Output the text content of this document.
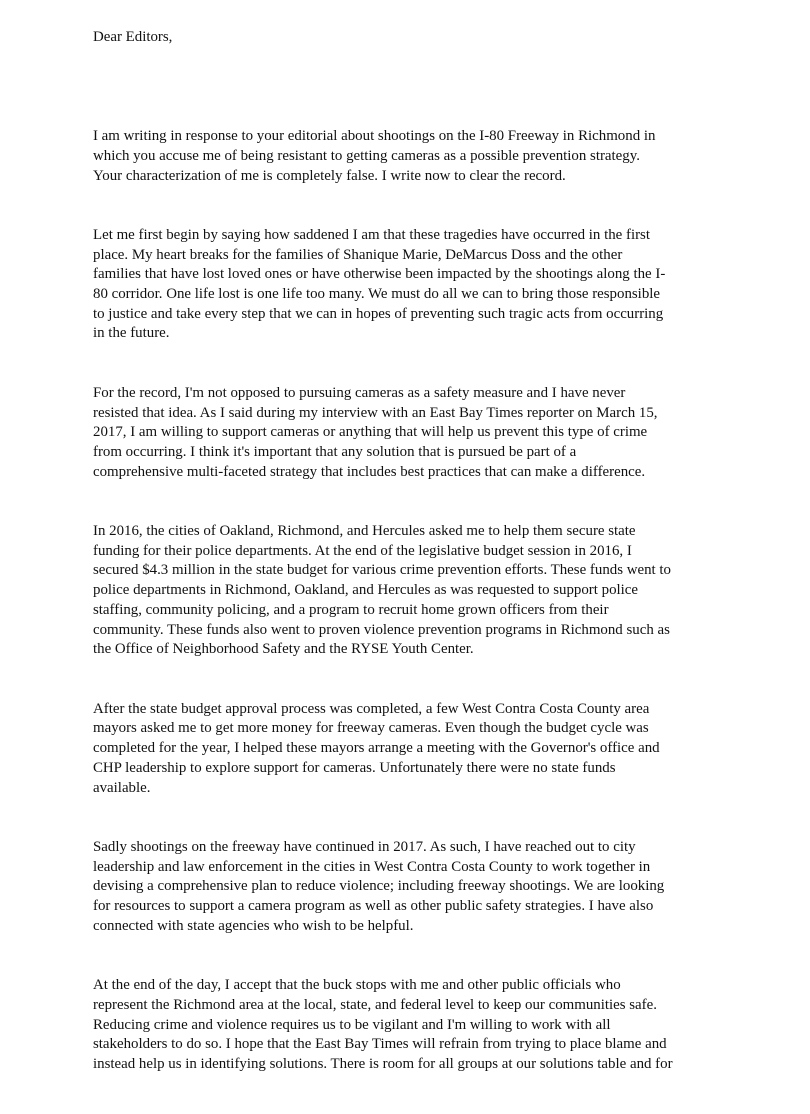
Dear Editors,

I am writing in response to your editorial about shootings on the I-80 Freeway in Richmond in
which you accuse me of being resistant to getting cameras as a possible prevention strategy.
Your characterization of me is completely false. I write now to clear the record.

Let me first begin by saying how saddened I am that these tragedies have occurred in the first
place. My heart breaks for the families of Shanique Marie, DeMarcus Doss and the other
families that have lost loved ones or have otherwise been impacted by the shootings along the I-
80 corridor. One life lost is one life too many. We must do all we can to bring those responsible
to justice and take every step that we can in hopes of preventing such tragic acts from occurring
in the future.

For the record, I'm not opposed to pursuing cameras as a safety measure and I have never
resisted that idea. As I said during my interview with an East Bay Times reporter on March 15,
2017, I am willing to support cameras or anything that will help us prevent this type of crime
from occurring. I think it's important that any solution that is pursued be part of a
comprehensive multi-faceted strategy that includes best practices that can make a difference.

In 2016, the cities of Oakland, Richmond, and Hercules asked me to help them secure state
funding for their police departments. At the end of the legislative budget session in 2016, I
secured $4.3 million in the state budget for various crime prevention efforts. These funds went to
police departments in Richmond, Oakland, and Hercules as was requested to support police
staffing, community policing, and a program to recruit home grown officers from their
community. These funds also went to proven violence prevention programs in Richmond such as
the Office of Neighborhood Safety and the RYSE Youth Center.

After the state budget approval process was completed, a few West Contra Costa County area
mayors asked me to get more money for freeway cameras. Even though the budget cycle was
completed for the year, I helped these mayors arrange a meeting with the Governor's office and
CHP leadership to explore support for cameras. Unfortunately there were no state funds
available.

Sadly shootings on the freeway have continued in 2017. As such, I have reached out to city
leadership and law enforcement in the cities in West Contra Costa County to work together in
devising a comprehensive plan to reduce violence; including freeway shootings. We are looking
for resources to support a camera program as well as other public safety strategies. I have also
connected with state agencies who wish to be helpful.

At the end of the day, I accept that the buck stops with me and other public officials who
represent the Richmond area at the local, state, and federal level to keep our communities safe.
Reducing crime and violence requires us to be vigilant and I'm willing to work with all
stakeholders to do so. I hope that the East Bay Times will refrain from trying to place blame and
instead help us in identifying solutions. There is room for all groups at our solutions table and for
